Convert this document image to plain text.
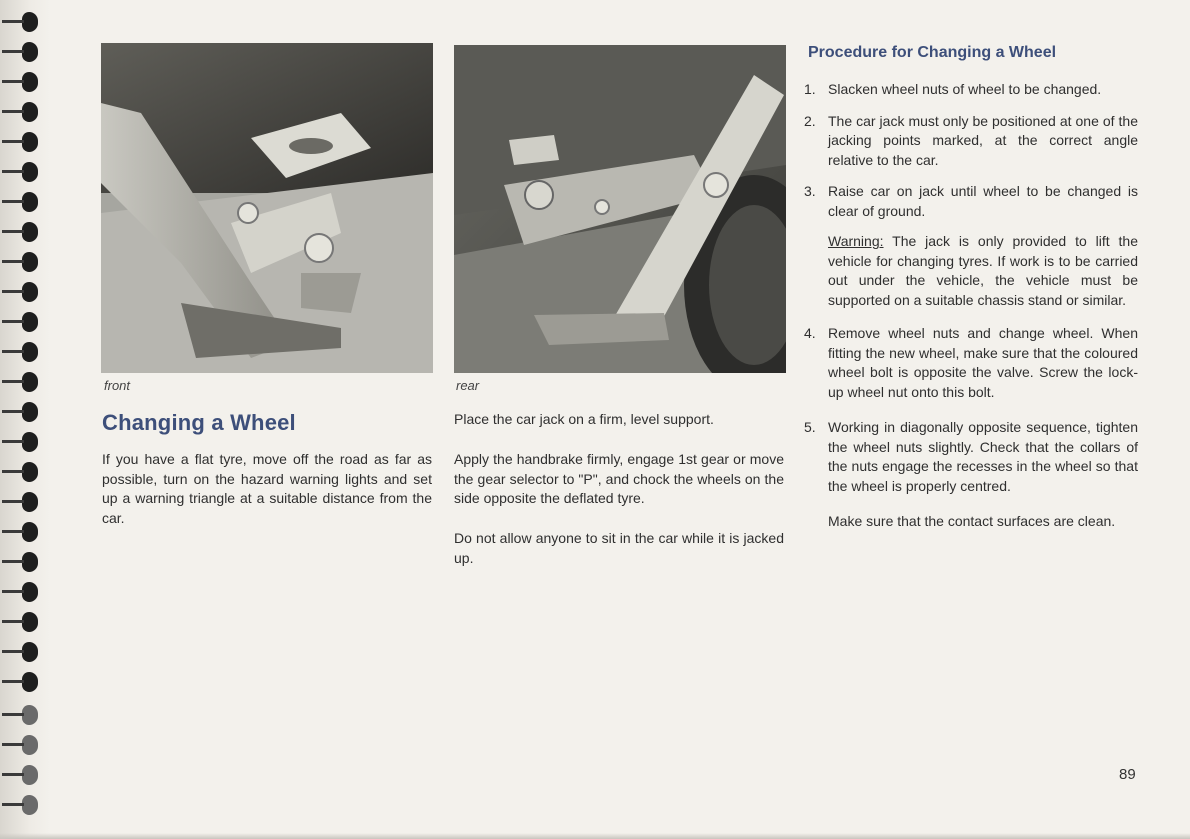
front	rear
Changing a Wheel

If you have a flat tyre, move off the road as far as possible, turn on the hazard warning lights and set up a warning triangle at a suitable distance from the car.

Place the car jack on a firm, level support.

Apply the handbrake firmly, engage 1st gear or move the gear selector to "P", and chock the wheels on the side opposite the deflated tyre.

Do not allow anyone to sit in the car while it is jacked up.

Procedure for Changing a Wheel
1. Slacken wheel nuts of wheel to be changed.
2. The car jack must only be positioned at one of the jacking points marked, at the correct angle relative to the car.
3. Raise car on jack until wheel to be changed is clear of ground.
Warning: The jack is only provided to lift the vehicle for changing tyres. If work is to be carried out under the vehicle, the vehicle must be supported on a suitable chassis stand or similar.
4. Remove wheel nuts and change wheel. When fitting the new wheel, make sure that the coloured wheel bolt is opposite the valve. Screw the lock-up wheel nut onto this bolt.
5. Working in diagonally opposite sequence, tighten the wheel nuts slightly. Check that the collars of the nuts engage the recesses in the wheel so that the wheel is properly centred.
Make sure that the contact surfaces are clean.
89
